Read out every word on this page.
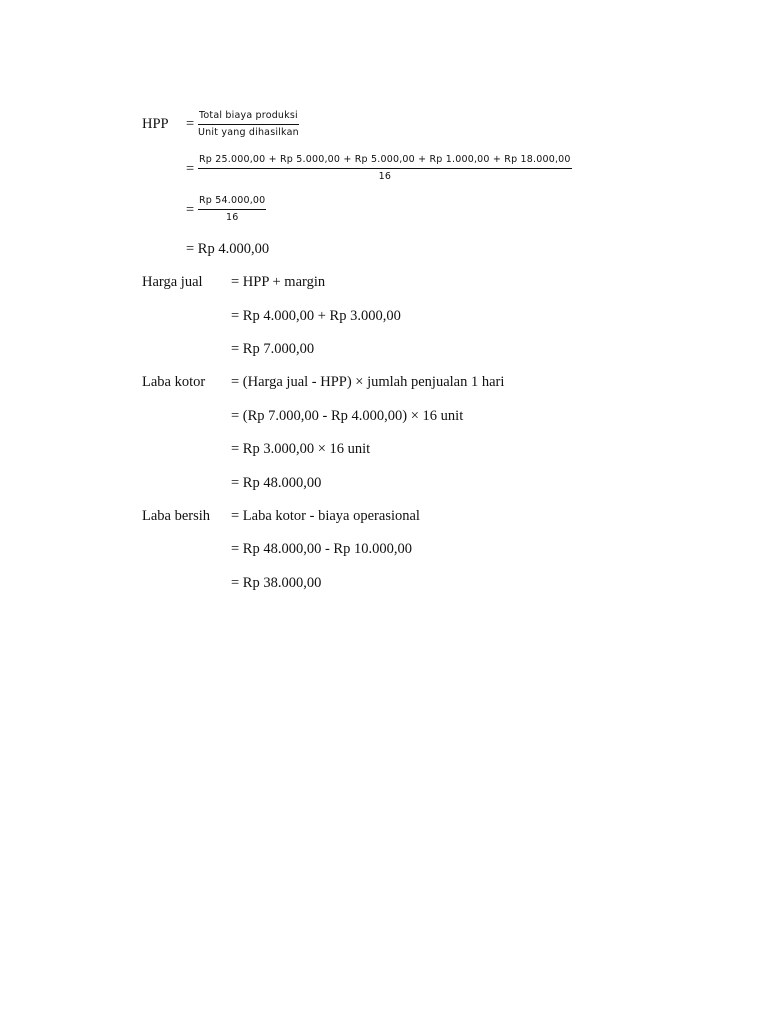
HPP =
Total biaya produksi
Unit yang dihasilkan
=
Rp 25.000,00 + Rp 5.000,00 + Rp 5.000,00 + Rp 1.000,00 + Rp 18.000,00
16
=
Rp 54.000,00
16
= Rp 4.000,00
Harga jual = HPP + margin
= Rp 4.000,00 + Rp 3.000,00
= Rp 7.000,00
Laba kotor = (Harga jual - HPP) × jumlah penjualan 1 hari
= (Rp 7.000,00 - Rp 4.000,00) × 16 unit
= Rp 3.000,00 × 16 unit
= Rp 48.000,00
Laba bersih = Laba kotor - biaya operasional
= Rp 48.000,00 - Rp 10.000,00
= Rp 38.000,00
